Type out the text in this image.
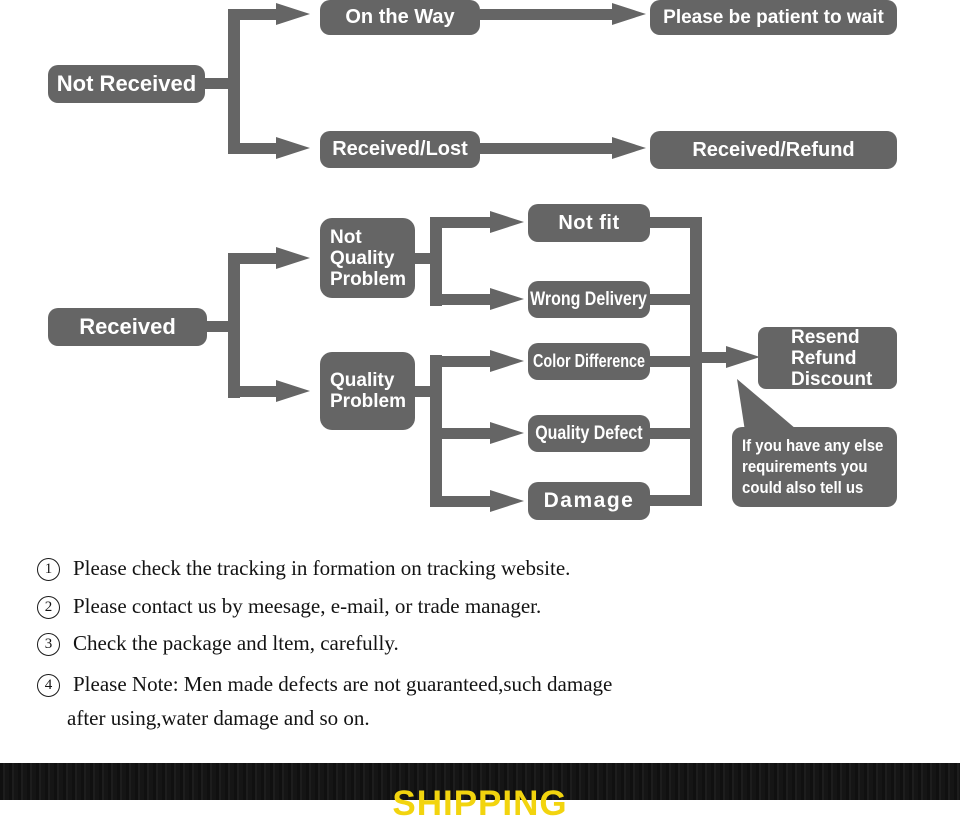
Not Received
On the Way	Please be patient to wait
Received/Lost	Received/Refund
Received
Not
Quality
Problem
Quality
Problem
Not fit
Wrong Delivery
Color Difference
Quality Defect
Damage
Resend
Refund
Discount
If you have any else
requirements you
could also tell us
1 Please check the tracking in formation on tracking website.
2 Please contact us by meesage, e-mail, or trade manager.
3 Check the package and ltem, carefully.
4 Please Note: Men made defects are not guaranteed,such damage
after using,water damage and so on.
SHIPPING
